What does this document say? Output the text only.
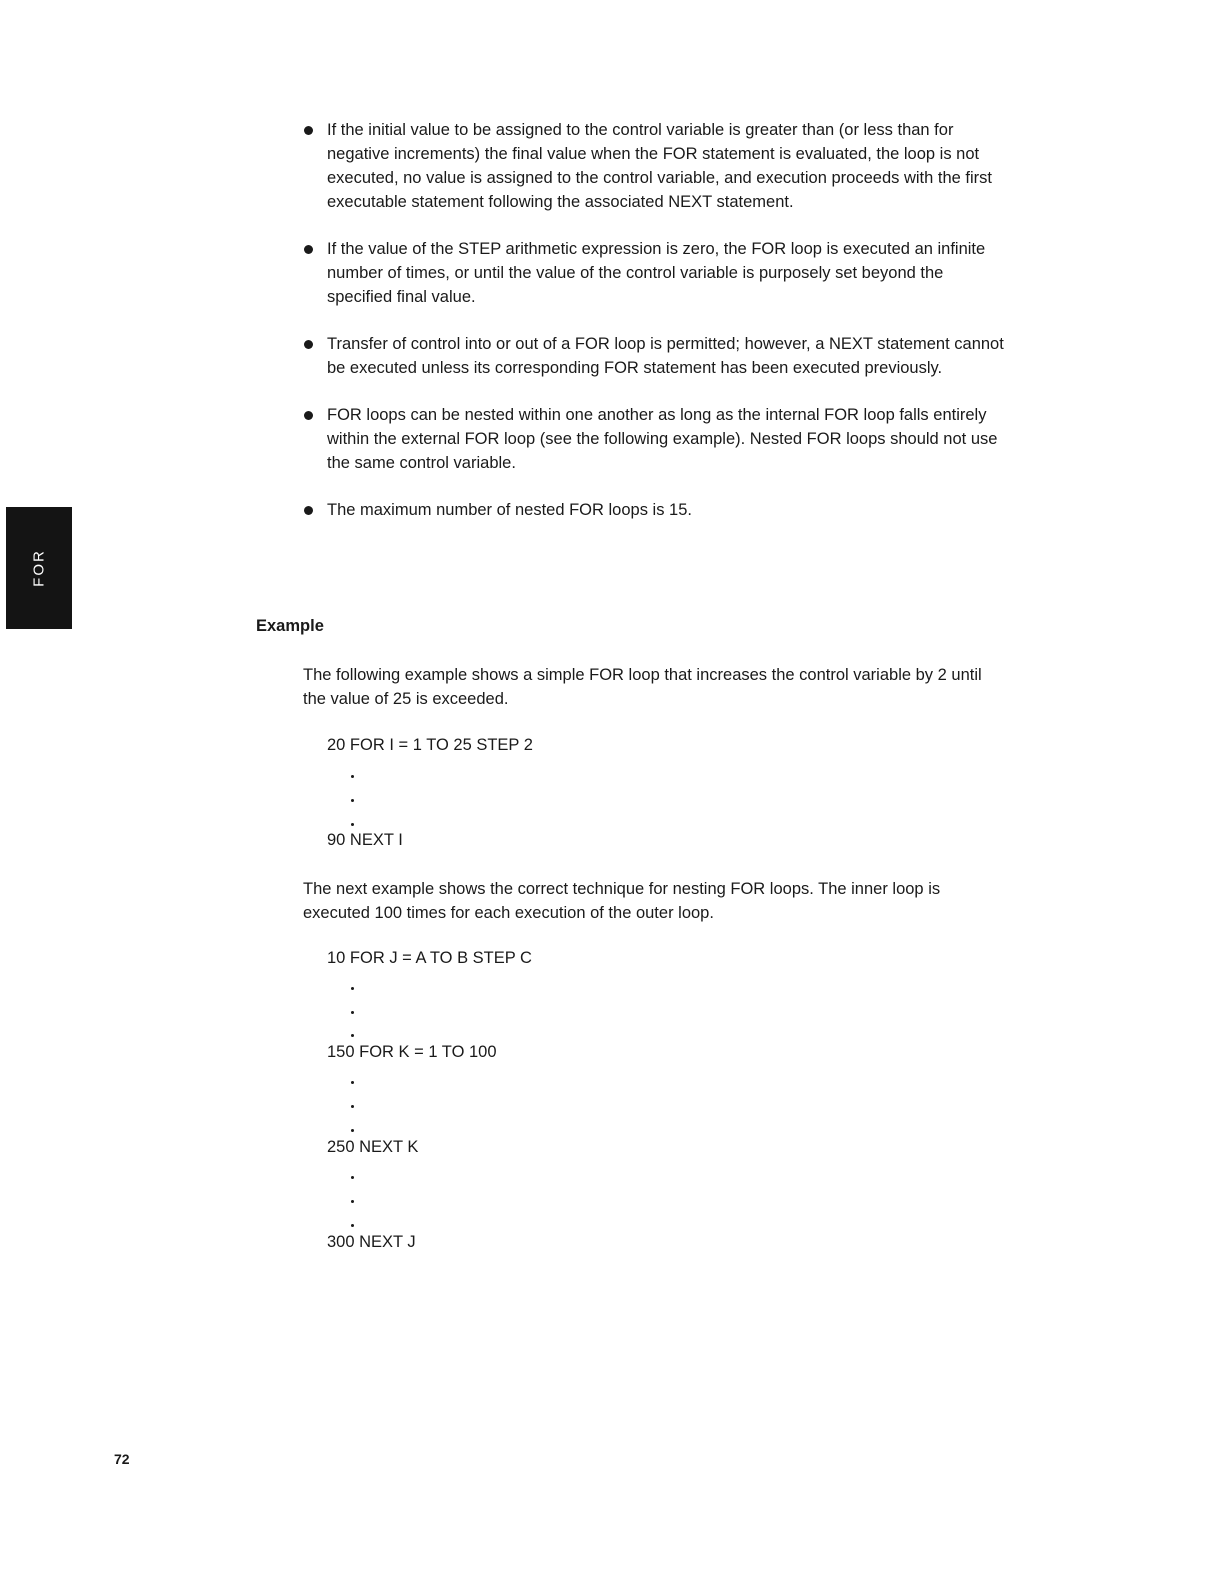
FOR
If the initial value to be assigned to the control variable is greater than (or less than for negative increments) the final value when the FOR statement is evaluated, the loop is not executed, no value is assigned to the control variable, and execution proceeds with the first executable statement following the associated NEXT statement.
If the value of the STEP arithmetic expression is zero, the FOR loop is executed an infinite number of times, or until the value of the control variable is purposely set beyond the specified final value.
Transfer of control into or out of a FOR loop is permitted; however, a NEXT statement cannot be executed unless its corresponding FOR statement has been executed previously.
FOR loops can be nested within one another as long as the internal FOR loop falls entirely within the external FOR loop (see the following example). Nested FOR loops should not use the same control variable.
The maximum number of nested FOR loops is 15.
Example

The following example shows a simple FOR loop that increases the control variable by 2 until the value of 25 is exceeded.

20 FOR I = 1 TO 25 STEP 2
90 NEXT I

The next example shows the correct technique for nesting FOR loops. The inner loop is executed 100 times for each execution of the outer loop.

10 FOR J = A TO B STEP C
150 FOR K = 1 TO 100
250 NEXT K
300 NEXT J
72
